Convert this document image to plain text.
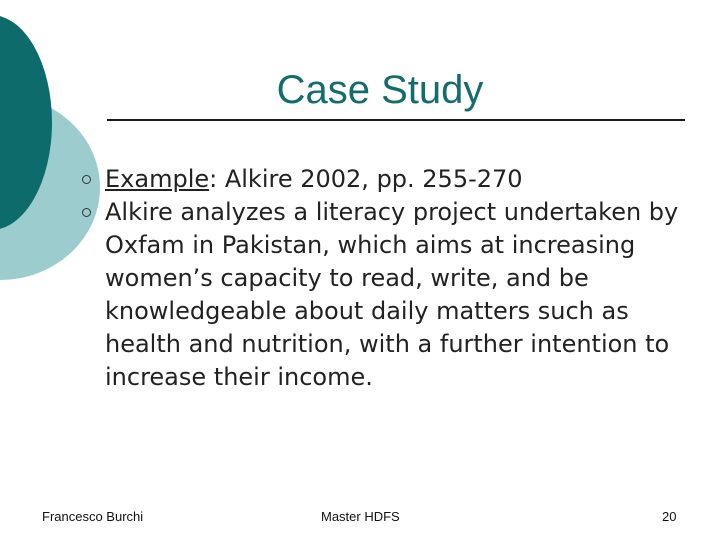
Case Study
Example: Alkire 2002, pp. 255-270
Alkire analyzes a literacy project undertaken by Oxfam in Pakistan, which aims at increasing women’s capacity to read, write, and be knowledgeable about daily matters such as health and nutrition, with a further intention to increase their income.
Francesco Burchi	Master HDFS	20
